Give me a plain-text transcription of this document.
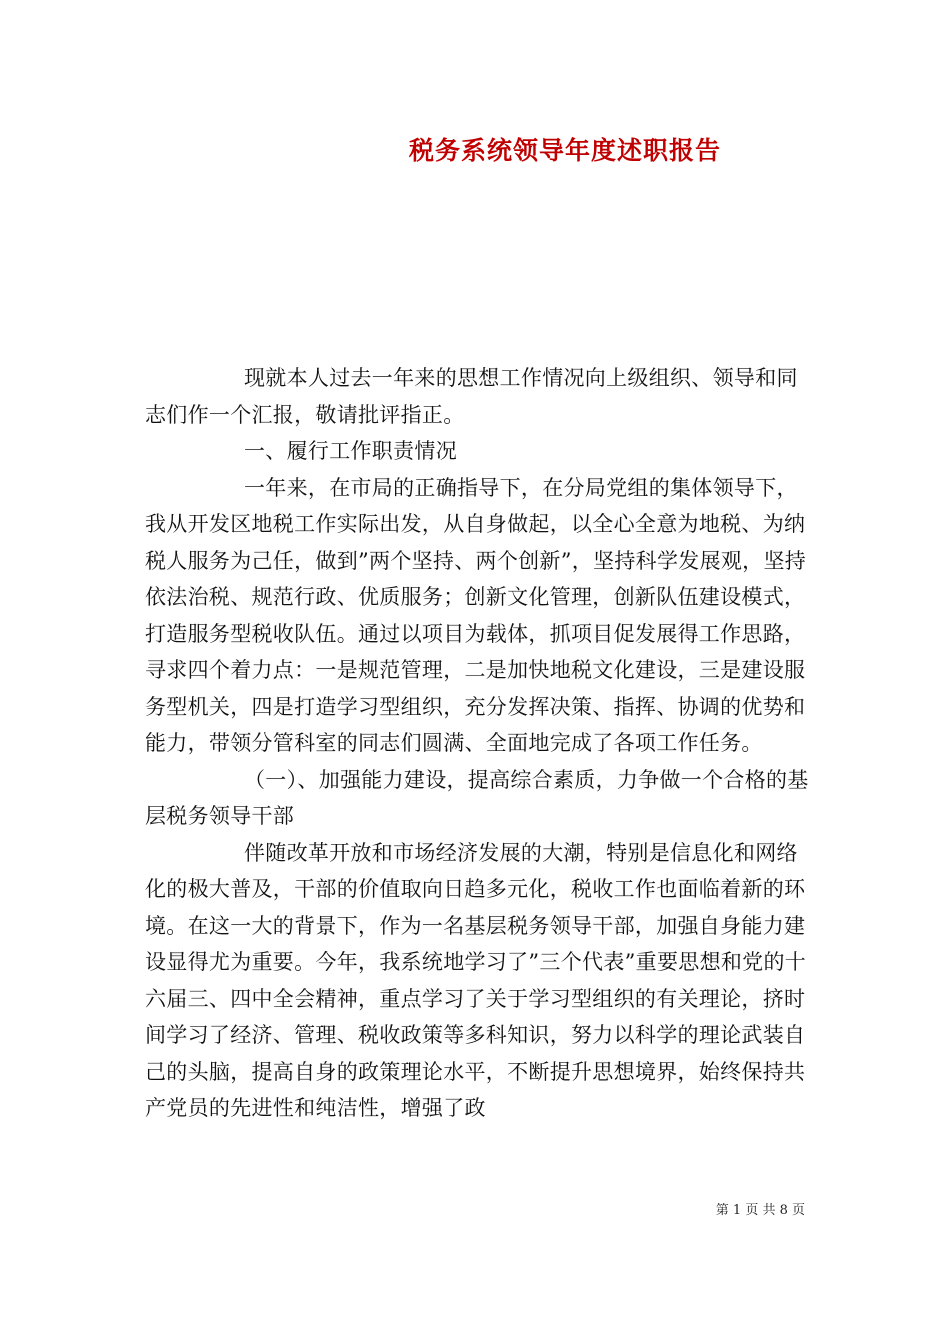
税务系统领导年度述职报告

现就本人过去一年来的思想工作情况向上级组织、领导和同志们作一个汇报，敬请批评指正。

一、履行工作职责情况

一年来，在市局的正确指导下，在分局党组的集体领导下，我从开发区地税工作实际出发，从自身做起，以全心全意为地税、为纳税人服务为己任，做到”两个坚持、两个创新”，坚持科学发展观，坚持依法治税、规范行政、优质服务；创新文化管理，创新队伍建设模式，打造服务型税收队伍。通过以项目为载体，抓项目促发展得工作思路，寻求四个着力点：一是规范管理，二是加快地税文化建设，三是建设服务型机关，四是打造学习型组织，充分发挥决策、指挥、协调的优势和能力，带领分管科室的同志们圆满、全面地完成了各项工作任务。

（一）、加强能力建设，提高综合素质，力争做一个合格的基层税务领导干部

伴随改革开放和市场经济发展的大潮，特别是信息化和网络化的极大普及，干部的价值取向日趋多元化，税收工作也面临着新的环境。在这一大的背景下，作为一名基层税务领导干部，加强自身能力建设显得尤为重要。今年，我系统地学习了”三个代表”重要思想和党的十六届三、四中全会精神，重点学习了关于学习型组织的有关理论，挤时间学习了经济、管理、税收政策等多科知识，努力以科学的理论武装自己的头脑，提高自身的政策理论水平，不断提升思想境界，始终保持共产党员的先进性和纯洁性，增强了政

第 1 页 共 8 页
